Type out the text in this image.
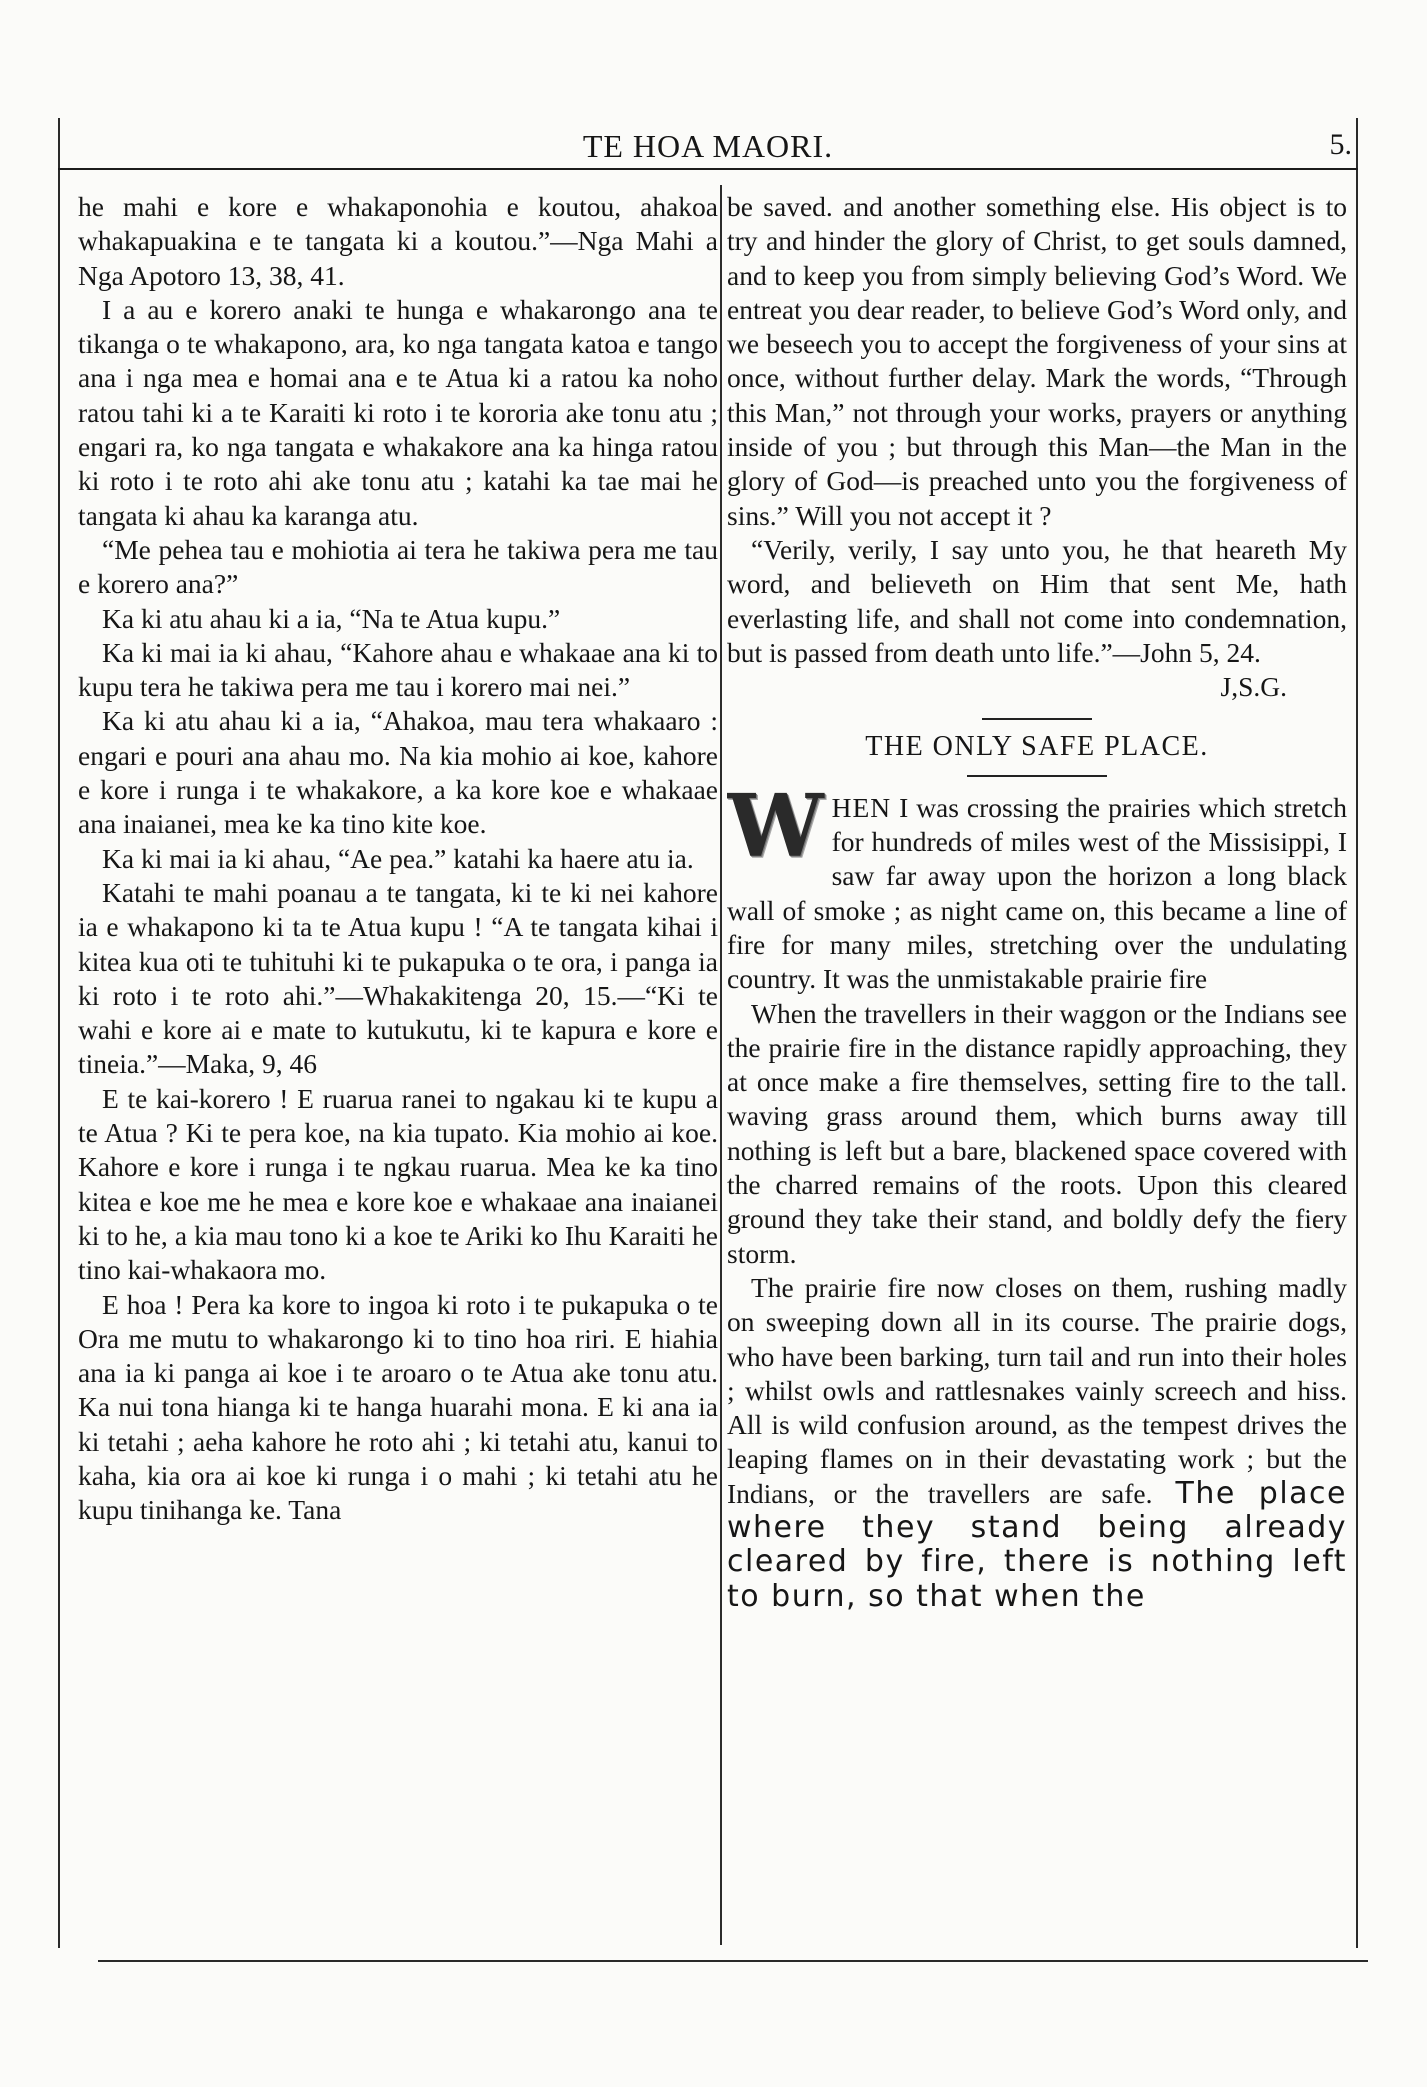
TE HOA MAORI.	5.

he mahi e kore e whakaponohia e koutou, ahakoa whakapuakina e te tangata ki a koutou.”—Nga Mahi a Nga Apotoro 13, 38, 41.

I a au e korero anaki te hunga e whakarongo ana te tikanga o te whakapono, ara, ko nga tangata katoa e tango ana i nga mea e homai ana e te Atua ki a ratou ka noho ratou tahi ki a te Karaiti ki roto i te kororia ake tonu atu ; engari ra, ko nga tangata e whakakore ana ka hinga ratou ki roto i te roto ahi ake tonu atu ; katahi ka tae mai he tangata ki ahau ka karanga atu.

“Me pehea tau e mohiotia ai tera he takiwa pera me tau e korero ana?”

Ka ki atu ahau ki a ia, “Na te Atua kupu.”

Ka ki mai ia ki ahau, “Kahore ahau e whakaae ana ki to kupu tera he takiwa pera me tau i korero mai nei.”

Ka ki atu ahau ki a ia, “Ahakoa, mau tera whakaaro : engari e pouri ana ahau mo. Na kia mohio ai koe, kahore e kore i runga i te whakakore, a ka kore koe e whakaae ana inaianei, mea ke ka tino kite koe.

Ka ki mai ia ki ahau, “Ae pea.” katahi ka haere atu ia.

Katahi te mahi poanau a te tangata, ki te ki nei kahore ia e whakapono ki ta te Atua kupu ! “A te tangata kihai i kitea kua oti te tuhituhi ki te pukapuka o te ora, i panga ia ki roto i te roto ahi.”—Whakakitenga 20, 15.—“Ki te wahi e kore ai e mate to kutukutu, ki te kapura e kore e tineia.”—Maka, 9, 46

E te kai-korero ! E ruarua ranei to ngakau ki te kupu a te Atua ? Ki te pera koe, na kia tupato. Kia mohio ai koe. Kahore e kore i runga i te ngkau ruarua. Mea ke ka tino kitea e koe me he mea e kore koe e whakaae ana inaianei ki to he, a kia mau tono ki a koe te Ariki ko Ihu Karaiti he tino kai-whakaora mo.

E hoa ! Pera ka kore to ingoa ki roto i te pukapuka o te Ora me mutu to whakarongo ki to tino hoa riri. E hiahia ana ia ki panga ai koe i te aroaro o te Atua ake tonu atu. Ka nui tona hianga ki te hanga huarahi mona. E ki ana ia ki tetahi ; aeha kahore he roto ahi ; ki tetahi atu, kanui to kaha, kia ora ai koe ki runga i o mahi ; ki tetahi atu he kupu tinihanga ke. Tana

be saved. and another something else. His object is to try and hinder the glory of Christ, to get souls damned, and to keep you from simply believing God’s Word. We entreat you dear reader, to believe God’s Word only, and we beseech you to accept the forgiveness of your sins at once, without further delay. Mark the words, “Through this Man,” not through your works, prayers or anything inside of you ; but through this Man—the Man in the glory of God—is preached unto you the forgiveness of sins.” Will you not accept it ?

“Verily, verily, I say unto you, he that heareth My word, and believeth on Him that sent Me, hath everlasting life, and shall not come into condemnation, but is passed from death unto life.”—John 5, 24.

J,S.G.

THE ONLY SAFE PLACE.

WHEN I was crossing the prairies which stretch for hundreds of miles west of the Missisippi, I saw far away upon the horizon a long black wall of smoke ; as night came on, this became a line of fire for many miles, stretching over the undulating country. It was the unmistakable prairie fire

When the travellers in their waggon or the Indians see the prairie fire in the distance rapidly approaching, they at once make a fire themselves, setting fire to the tall. waving grass around them, which burns away till nothing is left but a bare, blackened space covered with the charred remains of the roots. Upon this cleared ground they take their stand, and boldly defy the fiery storm.

The prairie fire now closes on them, rushing madly on sweeping down all in its course. The prairie dogs, who have been barking, turn tail and run into their holes ; whilst owls and rattlesnakes vainly screech and hiss. All is wild confusion around, as the tempest drives the leaping flames on in their devastating work ; but the Indians, or the travellers are safe. The place where they stand being already cleared by fire, there is nothing left to burn, so that when the
